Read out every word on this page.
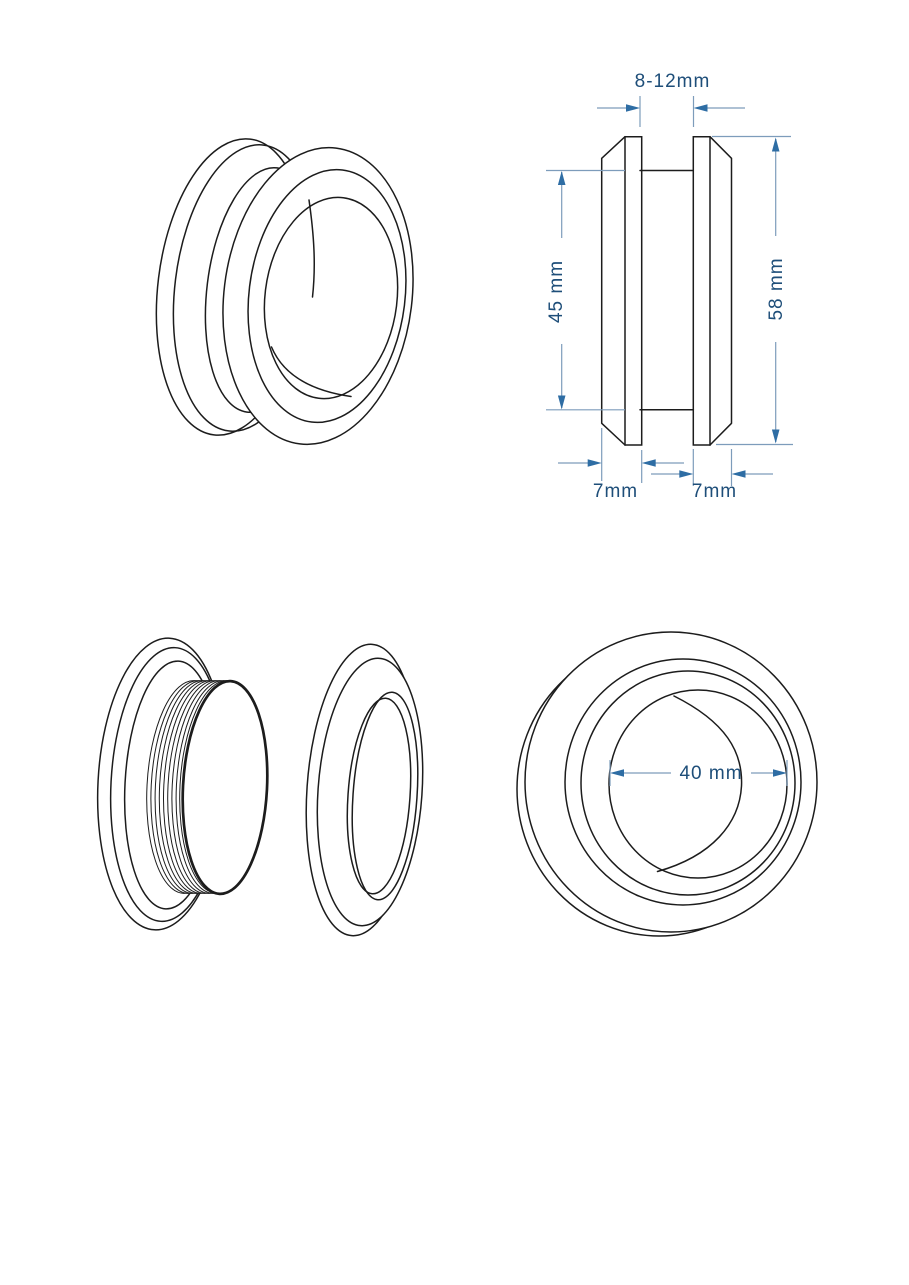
8-12mm
45 mm	58 mm
7mm	7mm
40 mm
